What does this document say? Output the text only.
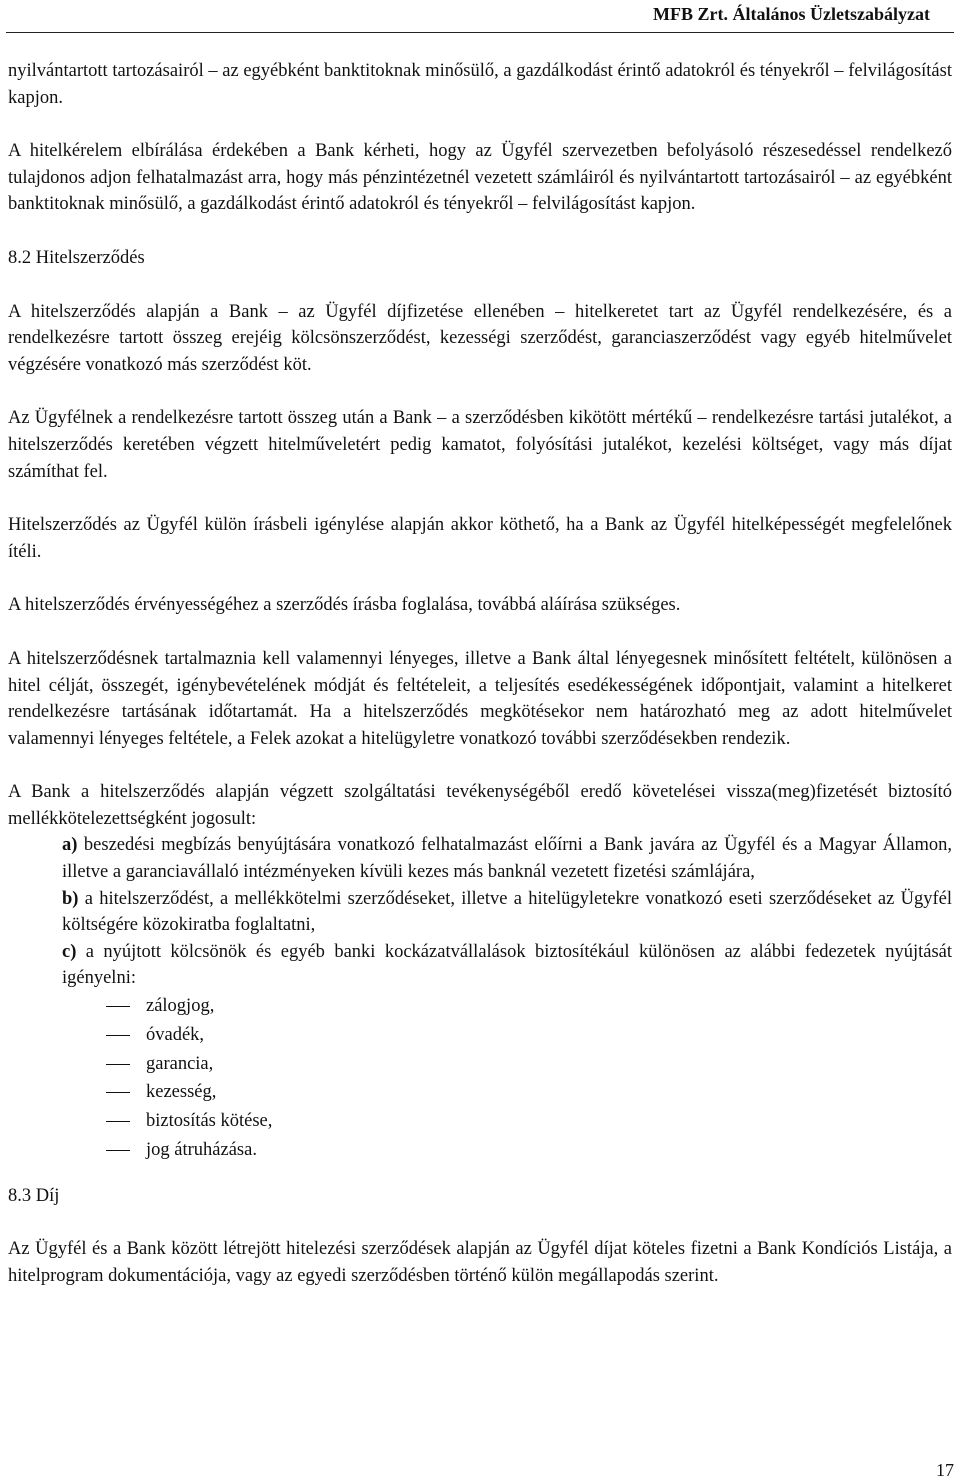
MFB Zrt. Általános Üzletszabályzat

nyilvántartott tartozásairól – az egyébként banktitoknak minősülő, a gazdálkodást érintő adatokról és tényekről – felvilágosítást kapjon.

A hitelkérelem elbírálása érdekében a Bank kérheti, hogy az Ügyfél szervezetben befolyásoló részesedéssel rendelkező tulajdonos adjon felhatalmazást arra, hogy más pénzintézetnél vezetett számláiról és nyilvántartott tartozásairól – az egyébként banktitoknak minősülő, a gazdálkodást érintő adatokról és tényekről – felvilágosítást kapjon.

8.2 Hitelszerződés

A hitelszerződés alapján a Bank – az Ügyfél díjfizetése ellenében – hitelkeretet tart az Ügyfél rendelkezésére, és a rendelkezésre tartott összeg erejéig kölcsönszerződést, kezességi szerződést, garanciaszerződést vagy egyéb hitelművelet végzésére vonatkozó más szerződést köt.

Az Ügyfélnek a rendelkezésre tartott összeg után a Bank – a szerződésben kikötött mértékű – rendelkezésre tartási jutalékot, a hitelszerződés keretében végzett hitelműveletért pedig kamatot, folyósítási jutalékot, kezelési költséget, vagy más díjat számíthat fel.

Hitelszerződés az Ügyfél külön írásbeli igénylése alapján akkor köthető, ha a Bank az Ügyfél hitelképességét megfelelőnek ítéli.

A hitelszerződés érvényességéhez a szerződés írásba foglalása, továbbá aláírása szükséges.

A hitelszerződésnek tartalmaznia kell valamennyi lényeges, illetve a Bank által lényegesnek minősített feltételt, különösen a hitel célját, összegét, igénybevételének módját és feltételeit, a teljesítés esedékességének időpontjait, valamint a hitelkeret rendelkezésre tartásának időtartamát. Ha a hitelszerződés megkötésekor nem határozható meg az adott hitelművelet valamennyi lényeges feltétele, a Felek azokat a hitelügyletre vonatkozó további szerződésekben rendezik.

A Bank a hitelszerződés alapján végzett szolgáltatási tevékenységéből eredő követelései vissza(meg)fizetését biztosító mellékkötelezettségként jogosult:

a) beszedési megbízás benyújtására vonatkozó felhatalmazást előírni a Bank javára az Ügyfél és a Magyar Államon, illetve a garanciavállaló intézményeken kívüli kezes más banknál vezetett fizetési számlájára,

b) a hitelszerződést, a mellékkötelmi szerződéseket, illetve a hitelügyletekre vonatkozó eseti szerződéseket az Ügyfél költségére közokiratba foglaltatni,

c) a nyújtott kölcsönök és egyéb banki kockázatvállalások biztosítékául különösen az alábbi fedezetek nyújtását igényelni:

zálogjog,
óvadék,
garancia,
kezesség,
biztosítás kötése,
jog átruházása.
8.3 Díj

Az Ügyfél és a Bank között létrejött hitelezési szerződések alapján az Ügyfél díjat köteles fizetni a Bank Kondíciós Listája, a hitelprogram dokumentációja, vagy az egyedi szerződésben történő külön megállapodás szerint.

17
